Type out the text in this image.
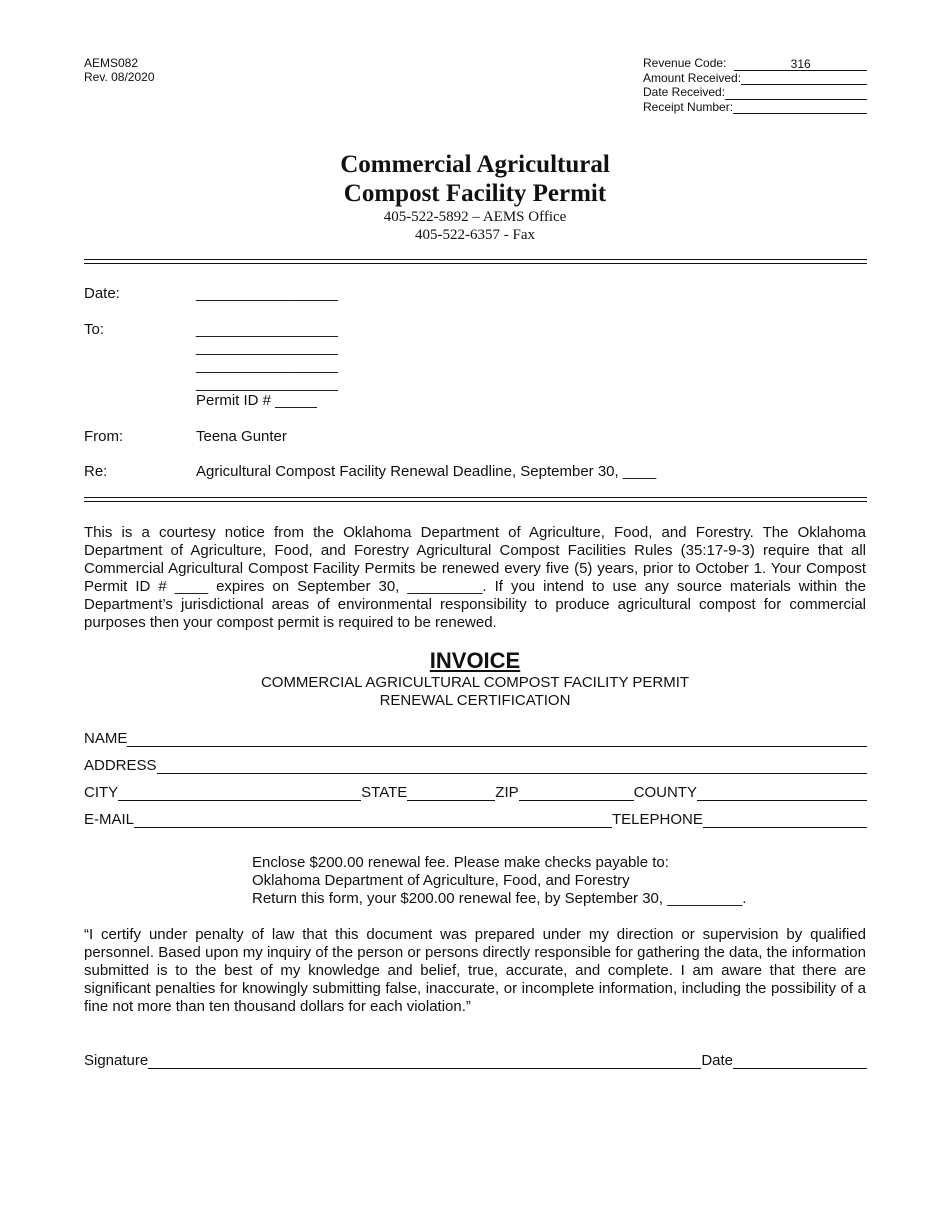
AEMS082
Rev. 08/2020
Revenue Code:	316
Amount Received:
Date Received:
Receipt Number:
Commercial Agricultural
Compost Facility Permit
405-522-5892 – AEMS Office
405-522-6357 - Fax
Date:	_________________
To:	_________________
_________________
_________________
_________________
Permit ID # _____
From:	Teena Gunter
Re:	Agricultural Compost Facility Renewal Deadline, September 30, ____
This is a courtesy notice from the Oklahoma Department of Agriculture, Food, and Forestry. The Oklahoma Department of Agriculture, Food, and Forestry Agricultural Compost Facilities Rules (35:17-9-3) require that all Commercial Agricultural Compost Facility Permits be renewed every five (5) years, prior to October 1. Your Compost Permit ID # ____ expires on September 30, _________. If you intend to use any source materials within the Department’s jurisdictional areas of environmental responsibility to produce agricultural compost for commercial purposes then your compost permit is required to be renewed.
INVOICE
COMMERCIAL AGRICULTURAL COMPOST FACILITY PERMIT
RENEWAL CERTIFICATION
NAME
ADDRESS
CITY	STATE	ZIP	COUNTY
E-MAIL	TELEPHONE
Enclose $200.00 renewal fee. Please make checks payable to:
Oklahoma Department of Agriculture, Food, and Forestry
Return this form, your $200.00 renewal fee, by September 30, _________.
“I certify under penalty of law that this document was prepared under my direction or supervision by qualified personnel. Based upon my inquiry of the person or persons directly responsible for gathering the data, the information submitted is to the best of my knowledge and belief, true, accurate, and complete. I am aware that there are significant penalties for knowingly submitting false, inaccurate, or incomplete information, including the possibility of a fine not more than ten thousand dollars for each violation.”
Signature	Date
